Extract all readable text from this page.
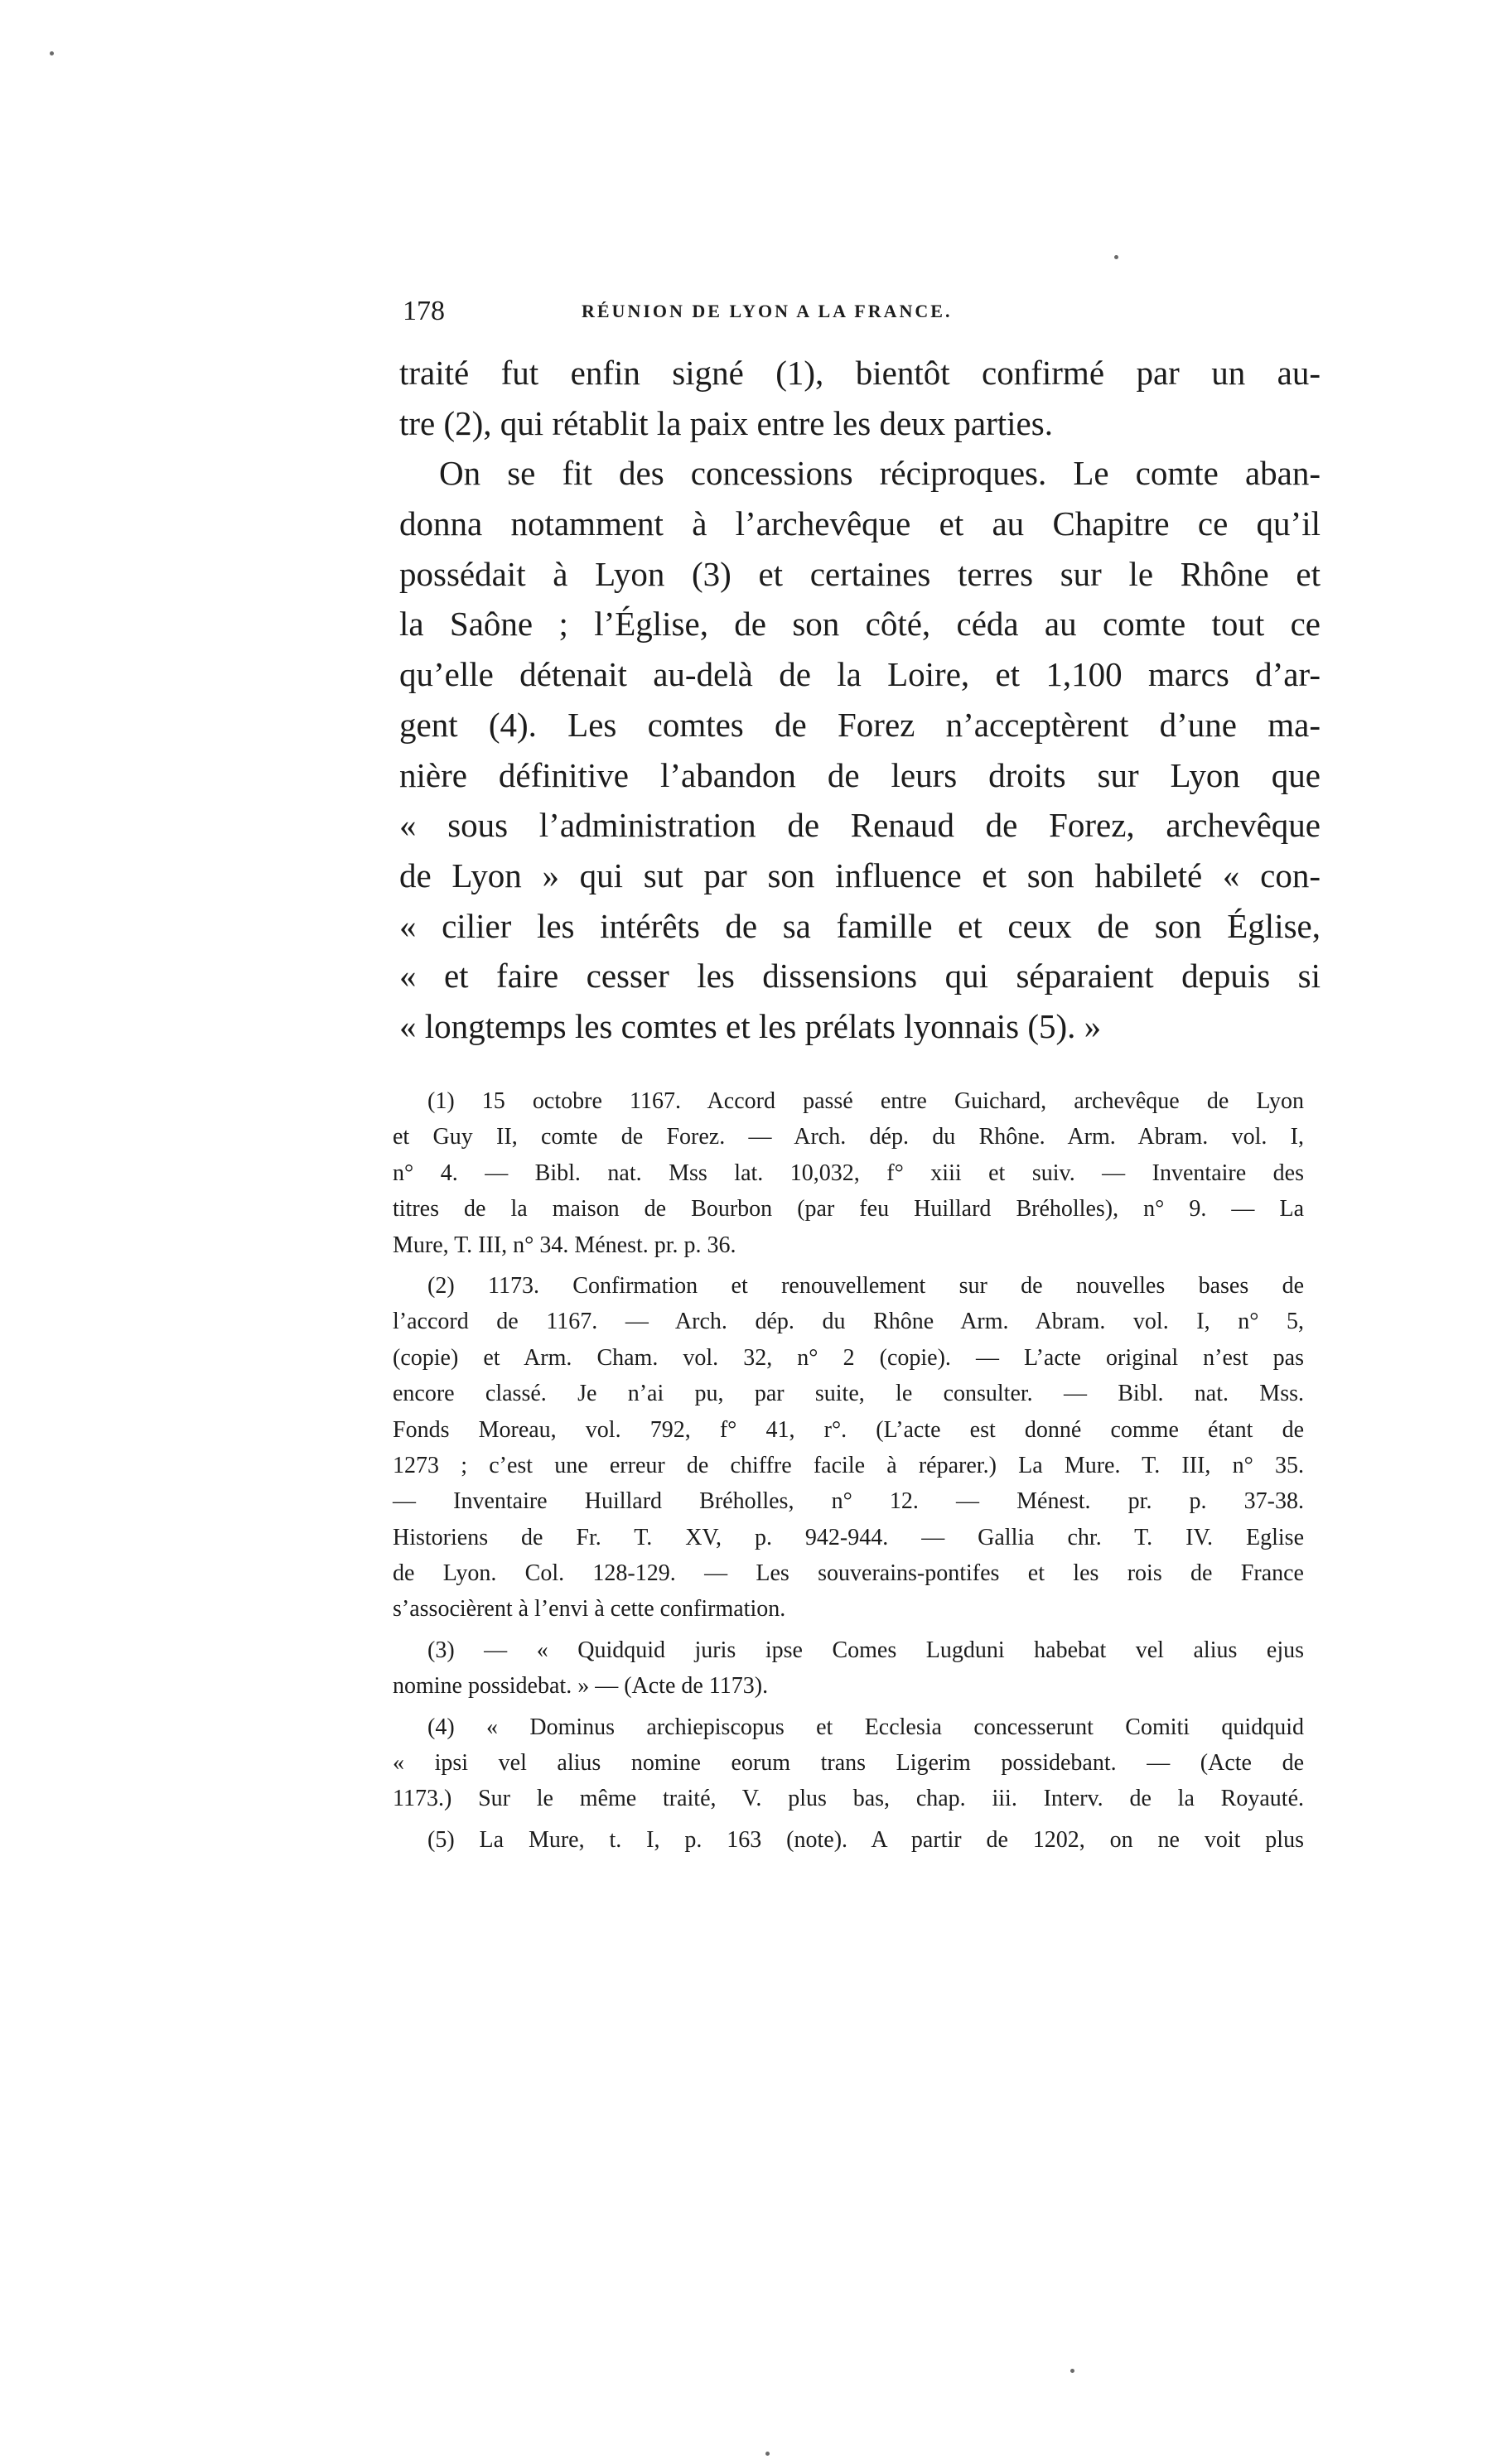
178	RÉUNION DE LYON A LA FRANCE.
traité fut enfin signé (1), bientôt confirmé par un au-
tre (2), qui rétablit la paix entre les deux parties.
On se fit des concessions réciproques. Le comte aban-
donna notamment à l’archevêque et au Chapitre ce qu’il
possédait à Lyon (3) et certaines terres sur le Rhône et
la Saône ; l’Église, de son côté, céda au comte tout ce
qu’elle détenait au-delà de la Loire, et 1,100 marcs d’ar-
gent (4). Les comtes de Forez n’acceptèrent d’une ma-
nière définitive l’abandon de leurs droits sur Lyon que
« sous l’administration de Renaud de Forez, archevêque
de Lyon » qui sut par son influence et son habileté « con-
« cilier les intérêts de sa famille et ceux de son Église,
« et faire cesser les dissensions qui séparaient depuis si
« longtemps les comtes et les prélats lyonnais (5). »
(1) 15 octobre 1167. Accord passé entre Guichard, archevêque de Lyon
et Guy II, comte de Forez. — Arch. dép. du Rhône. Arm. Abram. vol. I,
n° 4. — Bibl. nat. Mss lat. 10,032, f° xiii et suiv. — Inventaire des
titres de la maison de Bourbon (par feu Huillard Bréholles), n° 9. — La
Mure, T. III, n° 34. Ménest. pr. p. 36.
(2) 1173. Confirmation et renouvellement sur de nouvelles bases de
l’accord de 1167. — Arch. dép. du Rhône Arm. Abram. vol. I, n° 5,
(copie) et Arm. Cham. vol. 32, n° 2 (copie). — L’acte original n’est pas
encore classé. Je n’ai pu, par suite, le consulter. — Bibl. nat. Mss.
Fonds Moreau, vol. 792, f° 41, r°. (L’acte est donné comme étant de
1273 ; c’est une erreur de chiffre facile à réparer.) La Mure. T. III, n° 35.
— Inventaire Huillard Bréholles, n° 12. — Ménest. pr. p. 37-38.
Historiens de Fr. T. XV, p. 942-944. — Gallia chr. T. IV. Eglise
de Lyon. Col. 128-129. — Les souverains-pontifes et les rois de France
s’associèrent à l’envi à cette confirmation.
(3) — « Quidquid juris ipse Comes Lugduni habebat vel alius ejus
nomine possidebat. » — (Acte de 1173).
(4) « Dominus archiepiscopus et Ecclesia concesserunt Comiti quidquid
« ipsi vel alius nomine eorum trans Ligerim possidebant. — (Acte de
1173.) Sur le même traité, V. plus bas, chap. iii. Interv. de la Royauté.
(5) La Mure, t. I, p. 163 (note). A partir de 1202, on ne voit plus
